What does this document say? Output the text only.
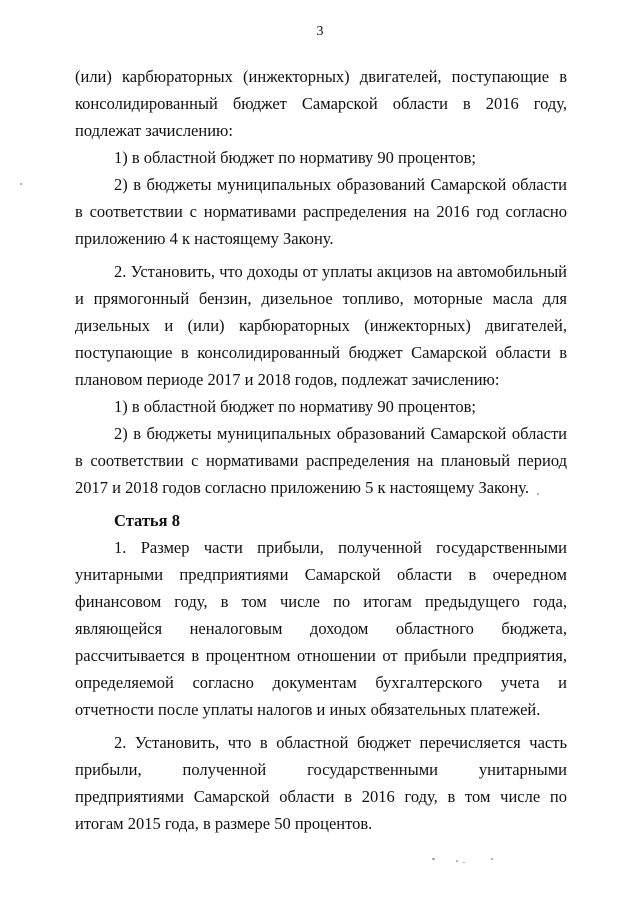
3

(или) карбюраторных (инжекторных) двигателей, поступающие в консолидированный бюджет Самарской области в 2016 году, подлежат зачислению:

1) в областной бюджет по нормативу 90 процентов;

2) в бюджеты муниципальных образований Самарской области в соответствии с нормативами распределения на 2016 год согласно приложению 4 к настоящему Закону.

2. Установить, что доходы от уплаты акцизов на автомобильный и прямогонный бензин, дизельное топливо, моторные масла для дизельных и (или) карбюраторных (инжекторных) двигателей, поступающие в консолидированный бюджет Самарской области в плановом периоде 2017 и 2018 годов, подлежат зачислению:

1) в областной бюджет по нормативу 90 процентов;

2) в бюджеты муниципальных образований Самарской области в соответствии с нормативами распределения на плановый период 2017 и 2018 годов согласно приложению 5 к настоящему Закону.

Статья 8

1. Размер части прибыли, полученной государственными унитарными предприятиями Самарской области в очередном финансовом году, в том числе по итогам предыдущего года, являющейся неналоговым доходом областного бюджета, рассчитывается в процентном отношении от прибыли предприятия, определяемой согласно документам бухгалтерского учета и отчетности после уплаты налогов и иных обязательных платежей.

2. Установить, что в областной бюджет перечисляется часть прибыли, полученной государственными унитарными предприятиями Самарской области в 2016 году, в том числе по итогам 2015 года, в размере 50 процентов.
